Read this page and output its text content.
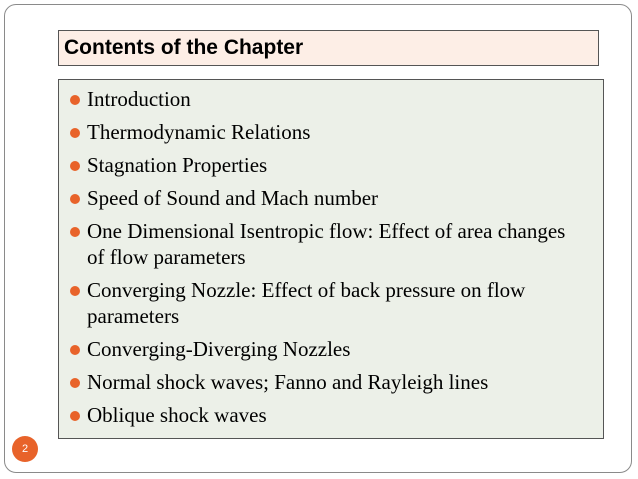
Contents of the Chapter
Introduction
Thermodynamic Relations
Stagnation Properties
Speed of Sound and Mach number
One Dimensional Isentropic flow: Effect of area changes of flow parameters
Converging Nozzle: Effect of back pressure on flow parameters
Converging-Diverging Nozzles
Normal shock waves; Fanno and Rayleigh lines
Oblique shock waves
2
